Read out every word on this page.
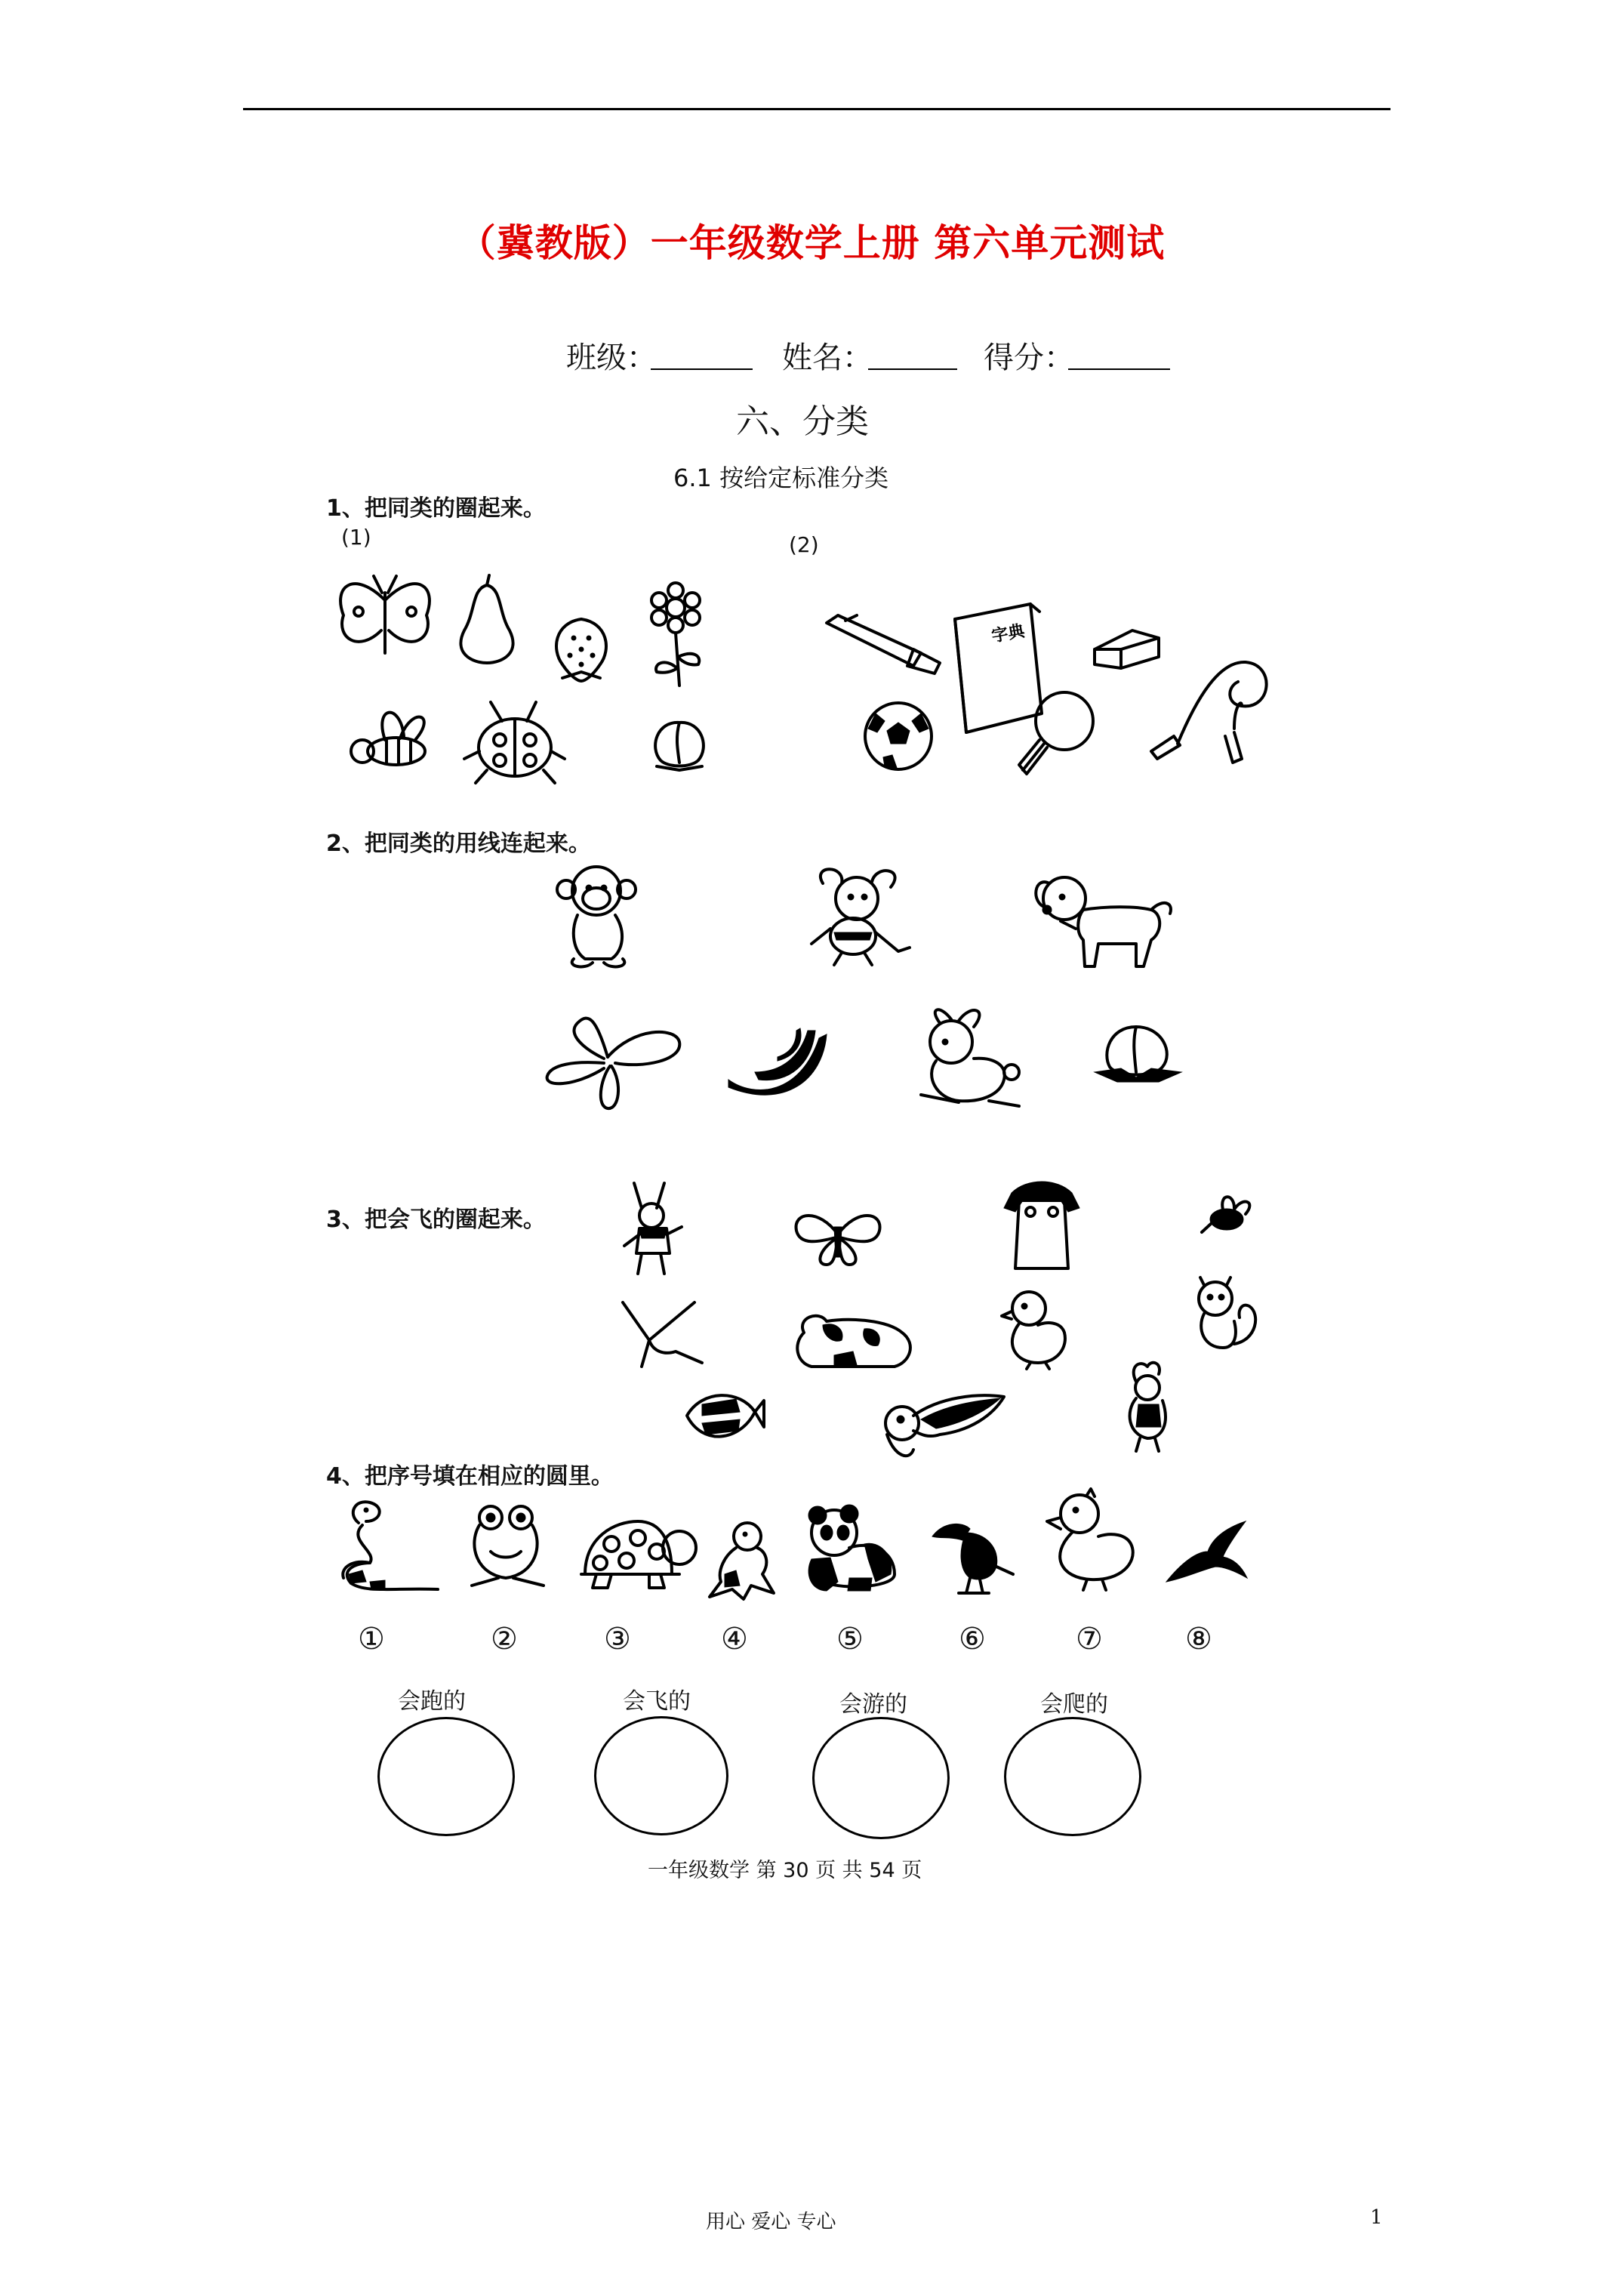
（冀教版）一年级数学上册 第六单元测试
班级：	姓名：	得分：
六、分类
6.1 按给定标准分类
1、把同类的圈起来。
(1)	(2)
字典
2、把同类的用线连起来。
3、把会飞的圈起来。
4、把序号填在相应的圆里。
①	②	③	④	⑤	⑥	⑦	⑧
会跑的	会飞的	会游的	会爬的
一年级数学 第 30 页 共 54 页
用心 爱心 专心	1
